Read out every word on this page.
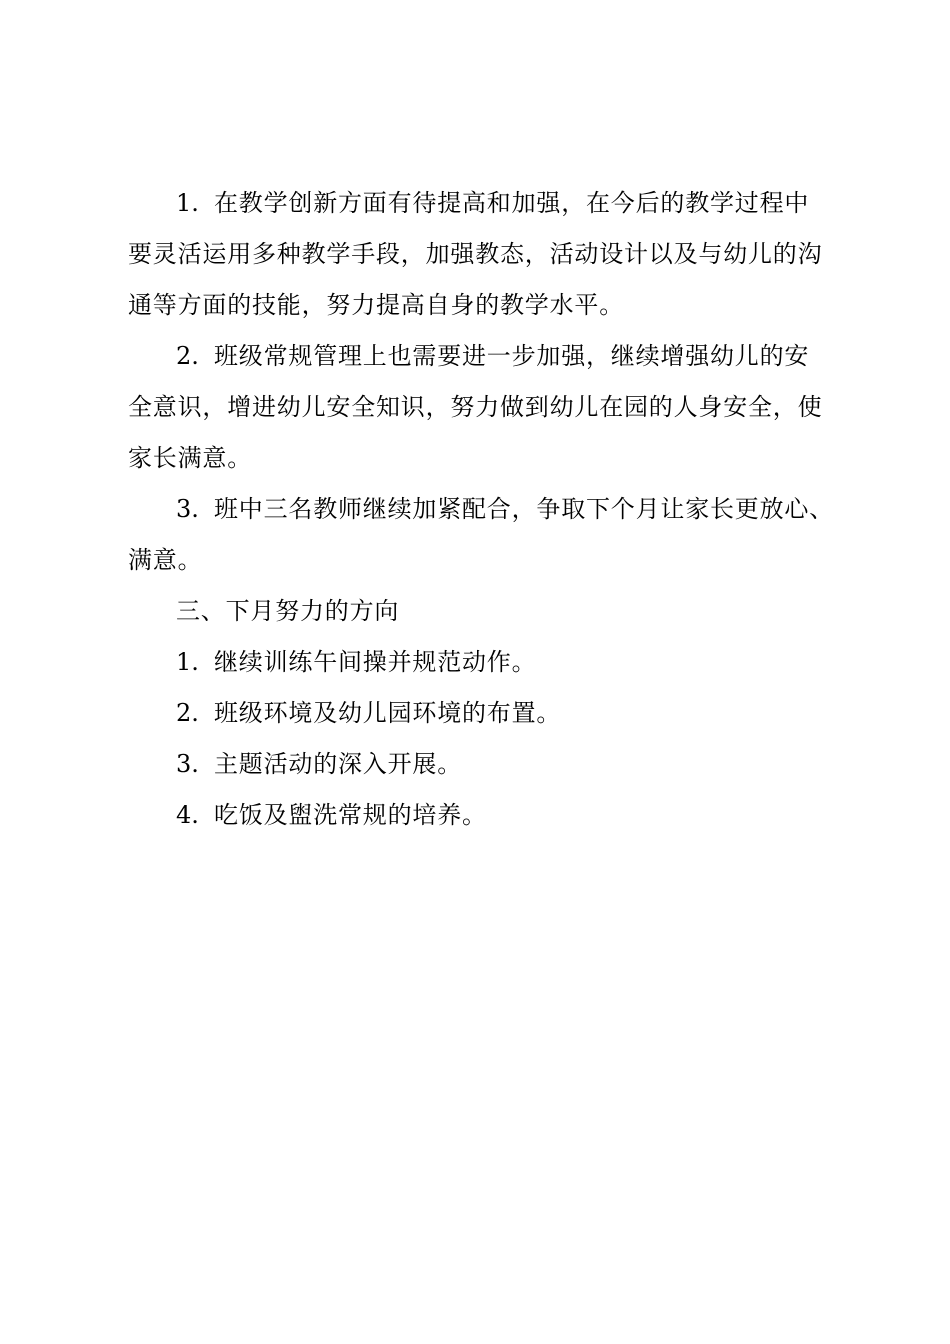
1. 在教学创新方面有待提高和加强，在今后的教学过程中
要灵活运用多种教学手段，加强教态，活动设计以及与幼儿的沟
通等方面的技能，努力提高自身的教学水平。
2. 班级常规管理上也需要进一步加强，继续增强幼儿的安
全意识，增进幼儿安全知识，努力做到幼儿在园的人身安全，使
家长满意。
3. 班中三名教师继续加紧配合，争取下个月让家长更放心、
满意。

三、下月努力的方向

1. 继续训练午间操并规范动作。

2. 班级环境及幼儿园环境的布置。

3. 主题活动的深入开展。

4. 吃饭及盥洗常规的培养。
